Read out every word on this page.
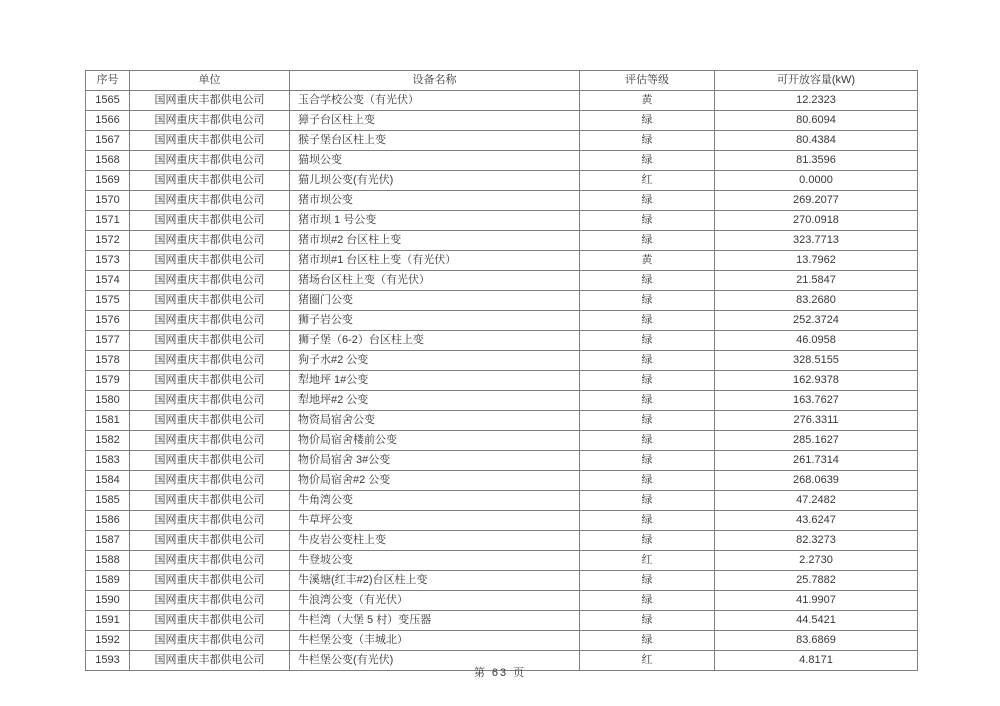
序号	单位	设备名称	评估等级	可开放容量(kW)
1565	国网重庆丰都供电公司	玉合学校公变（有光伏）	黄	12.2323
1566	国网重庆丰都供电公司	獐子台区柱上变	绿	80.6094
1567	国网重庆丰都供电公司	猴子堡台区柱上变	绿	80.4384
1568	国网重庆丰都供电公司	猫坝公变	绿	81.3596
1569	国网重庆丰都供电公司	猫儿坝公变(有光伏)	红	0.0000
1570	国网重庆丰都供电公司	猪市坝公变	绿	269.2077
1571	国网重庆丰都供电公司	猪市坝 1 号公变	绿	270.0918
1572	国网重庆丰都供电公司	猪市坝#2 台区柱上变	绿	323.7713
1573	国网重庆丰都供电公司	猪市坝#1 台区柱上变（有光伏）	黄	13.7962
1574	国网重庆丰都供电公司	猪场台区柱上变（有光伏）	绿	21.5847
1575	国网重庆丰都供电公司	猪圈门公变	绿	83.2680
1576	国网重庆丰都供电公司	狮子岩公变	绿	252.3724
1577	国网重庆丰都供电公司	狮子堡（6-2）台区柱上变	绿	46.0958
1578	国网重庆丰都供电公司	狗子水#2 公变	绿	328.5155
1579	国网重庆丰都供电公司	犁地坪 1#公变	绿	162.9378
1580	国网重庆丰都供电公司	犁地坪#2 公变	绿	163.7627
1581	国网重庆丰都供电公司	物资局宿舍公变	绿	276.3311
1582	国网重庆丰都供电公司	物价局宿舍楼前公变	绿	285.1627
1583	国网重庆丰都供电公司	物价局宿舍 3#公变	绿	261.7314
1584	国网重庆丰都供电公司	物价局宿舍#2 公变	绿	268.0639
1585	国网重庆丰都供电公司	牛角湾公变	绿	47.2482
1586	国网重庆丰都供电公司	牛草坪公变	绿	43.6247
1587	国网重庆丰都供电公司	牛皮岩公变柱上变	绿	82.3273
1588	国网重庆丰都供电公司	牛登坡公变	红	2.2730
1589	国网重庆丰都供电公司	牛溪塘(红丰#2)台区柱上变	绿	25.7882
1590	国网重庆丰都供电公司	牛浪湾公变（有光伏）	绿	41.9907
1591	国网重庆丰都供电公司	牛栏湾（大堡 5 村）变压器	绿	44.5421
1592	国网重庆丰都供电公司	牛栏堡公变（丰城北）	绿	83.6869
1593	国网重庆丰都供电公司	牛栏堡公变(有光伏)	红	4.8171
第 63 页
